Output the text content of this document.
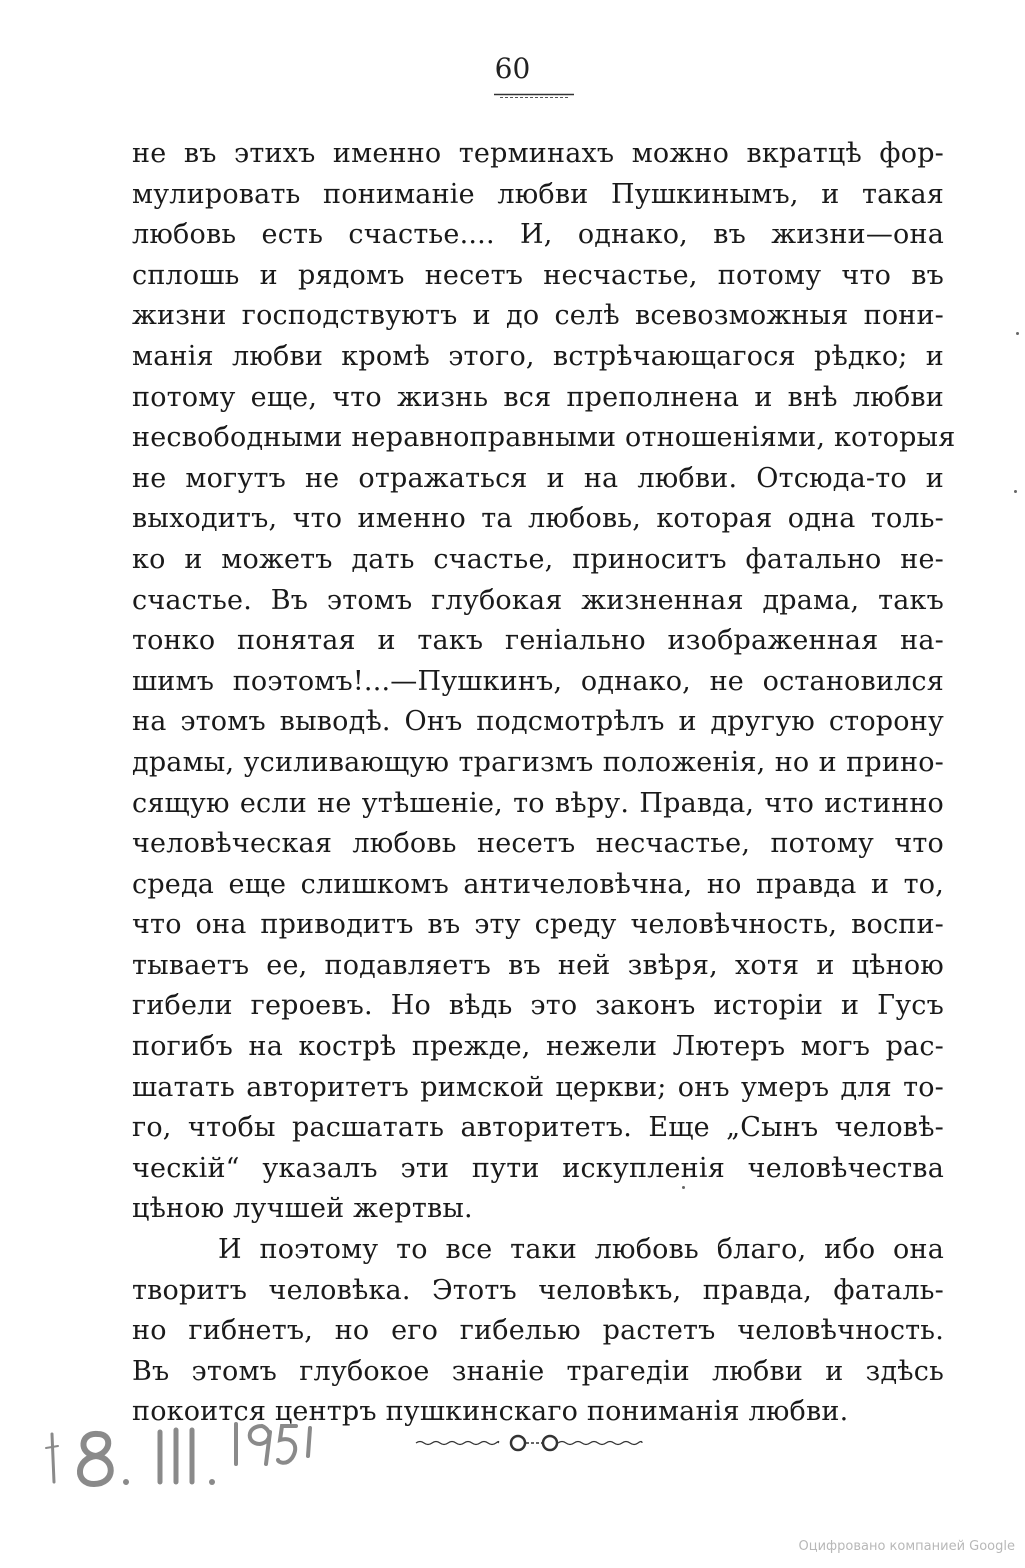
60
не въ этихъ именно терминахъ можно вкратцѣ фор-
мулировать пониманіе любви Пушкинымъ, и такая
любовь есть счастье.... И, однако, въ жизни—она
сплошь и рядомъ несетъ несчастье, потому что въ
жизни господствуютъ и до селѣ всевозможныя пони-
манія любви кромѣ этого, встрѣчающагося рѣдко; и
потому еще, что жизнь вся преполнена и внѣ любви
несвободными неравноправными отношеніями, которыя
не могутъ не отражаться и на любви. Отсюда-то и
выходитъ, что именно та любовь, которая одна толь-
ко и можетъ дать счастье, приноситъ фатально не-
счастье. Въ этомъ глубокая жизненная драма, такъ
тонко понятая и такъ геніально изображенная на-
шимъ поэтомъ!...—Пушкинъ, однако, не остановился
на этомъ выводѣ. Онъ подсмотрѣлъ и другую сторону
драмы, усиливающую трагизмъ положенія, но и прино-
сящую если не утѣшеніе, то вѣру. Правда, что истинно
человѣческая любовь несетъ несчастье, потому что
среда еще слишкомъ античеловѣчна, но правда и то,
что она приводитъ въ эту среду человѣчность, воспи-
тываетъ ее, подавляетъ въ ней звѣря, хотя и цѣною
гибели героевъ. Но вѣдь это законъ исторіи и Гусъ
погибъ на кострѣ прежде, нежели Лютеръ могъ рас-
шатать авторитетъ римской церкви; онъ умеръ для то-
го, чтобы расшатать авторитетъ. Еще „Сынъ человѣ-
ческій“ указалъ эти пути искупленія человѣчества
цѣною лучшей жертвы.
И поэтому то все таки любовь благо, ибо она
творитъ человѣка. Этотъ человѣкъ, правда, фаталь-
но гибнетъ, но его гибелью растетъ человѣчность.
Въ этомъ глубокое знаніе трагедіи любви и здѣсь
покоится центръ пушкинскаго пониманія любви.
Оцифровано компанией Google
